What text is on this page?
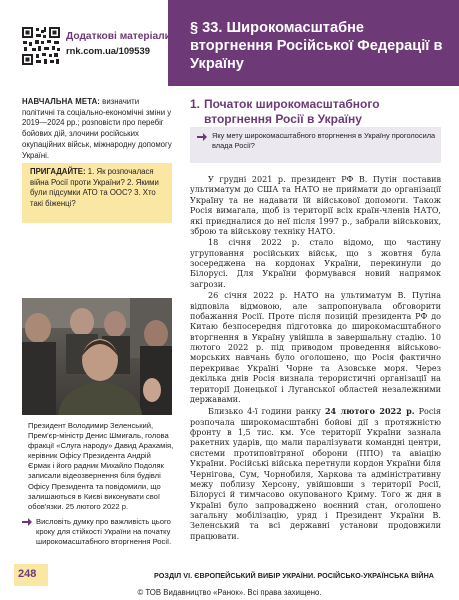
Додаткові матеріали
rnk.com.ua/109539
§ 33. Широкомасштабне вторгнення Російської Федерації в Україну
НАВЧАЛЬНА МЕТА: визначити політичні та соціально-економічні зміни у 2019—2024 рр.; розповісти про перебіг бойових дій, злочини російських окупаційних військ, міжнародну допомогу Україні.
ПРИГАДАЙТЕ: 1. Як розпочалася війна Росії проти України? 2. Якими були підсумки АТО та ООС? 3. Хто такі біженці?
Президент Володимир Зеленський, Прем'єр-міністр Денис Шмигаль, голова фракції «Слуга народу» Давид Арахамія, керівник Офісу Президента Андрій Єрмак і його радник Михайло Подоляк записали відеозвернення біля будівлі Офісу Президента та повідомили, що залишаються в Києві виконувати свої обов'язки. 25 лютого 2022 р.
Висловіть думку про важливість цього кроку для стійкості України на початку широкомасштабного вторгнення Росії.
1. Початок широкомасштабного вторгнення Росії в Україну
Яку мету широкомасштабного вторгнення в Україну проголосила влада Росії?

У грудні 2021 р. президент РФ В. Путін поставив ультиматум до США та НАТО не приймати до організації Україну та не надавати їй військової допомоги. Також Росія вимагала, щоб із території всіх країн-членів НАТО, які приєдналися до неї після 1997 р., забрали військових, зброю та військову техніку НАТО.

18 січня 2022 р. стало відомо, що частину угруповання російських військ, що з жовтня була зосереджена на кордонах України, перекинули до Білорусі. Для України формувався новий напрямок загрози.

26 січня 2022 р. НАТО на ультиматум В. Путіна відповіла відмовою, але запропонувала обговорити побажання Росії. Проте після позицій президента РФ до Китаю безпосередня підготовка до широкомасштабного вторгнення в Україну увійшла в завершальну стадію. 10 лютого 2022 р. під приводом проведення військово-морських навчань було оголошено, що Росія фактично перекриває Україні Чорне та Азовське моря. Через декілька днів Росія визнала терористичні організації на території Донецької і Луганської областей незалежними державами.

Близько 4-ї години ранку 24 лютого 2022 р. Росія розпочала широкомасштабні бойові дії з протяжністю фронту в 1,5 тис. км. Усе території України зазнала ракетних ударів, що мали паралізувати командні центри, системи протиповітряної оборони (ППО) та авіацію України. Російські війська перетнули кордон України біля Чернігова, Сум, Чорнобиля, Харкова та адміністративну межу поблизу Херсону, увійшовши з території Росії, Білорусі й тимчасово окупованого Криму. Того ж дня в Україні було запроваджено воєнний стан, оголошено загальну мобілізацію, уряд і Президент України В. Зеленський та всі державні установи продовжили працювати.

248	РОЗДІЛ VI. ЄВРОПЕЙСЬКИЙ ВИБІР УКРАЇНИ. РОСІЙСЬКО-УКРАЇНСЬКА ВІЙНА
© ТОВ Видавництво «Ранок». Всі права захищено.
